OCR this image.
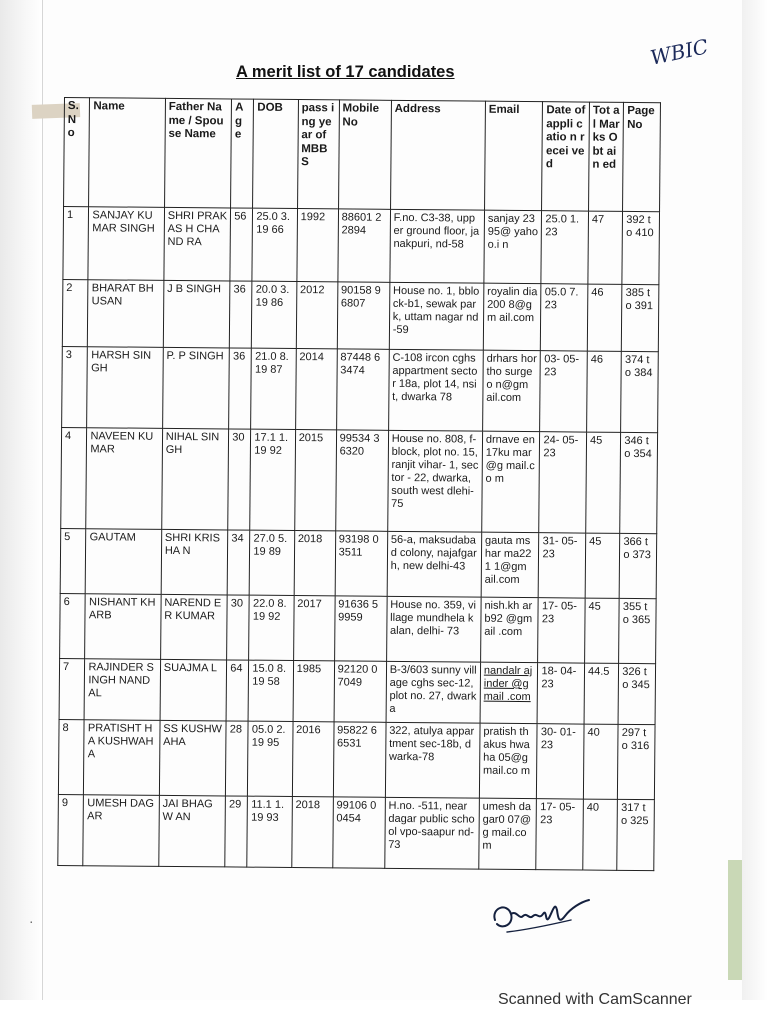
WBIC
A merit list of 17 candidates
S. N o	Name	Father Name / Spouse Name	Ag e	DOB	pass ing year of MBB S	Mobile No	Address	Email	Date of appli catio n recei ved	Tot al Mar ks Obt ain ed	Page No
1	SANJAY KUMAR SINGH	SHRI PRAKAS H CHAND RA	56	25.0 3.19 66	1992	88601 22894	F.no. C3-38, upper ground floor, janakpuri, nd-58	sanjay 2395@ yahoo.i n	25.0 1.23	47	392 to 410
2	BHARAT BHUSAN	J B SINGH	36	20.0 3.19 86	2012	90158 96807	House no. 1, bblock-b1, sewak park, uttam nagar nd-59	royalin dia200 8@gm ail.com	05.0 7.23	46	385 to 391
3	HARSH SINGH	P. P SINGH	36	21.0 8.19 87	2014	87448 63474	C-108 ircon cghs appartment sector 18a, plot 14, nsit, dwarka 78	drhars hortho surgeo n@gm ail.com	03- 05- 23	46	374 to 384
4	NAVEEN KUMAR	NIHAL SINGH	30	17.1 1.19 92	2015	99534 36320	House no. 808, f-block, plot no. 15, ranjit vihar- 1, sector - 22, dwarka, south west dlehi-75	drnave en17ku mar@g mail.co m	24- 05- 23	45	346 to 354
5	GAUTAM	SHRI KRISHA N	34	27.0 5.19 89	2018	93198 03511	56-a, maksudabad colony, najafgarh, new delhi-43	gauta mshar ma221 1@gm ail.com	31- 05- 23	45	366 to 373
6	NISHANT KHARB	NAREND ER KUMAR	30	22.0 8.19 92	2017	91636 59959	House no. 359, village mundhela kalan, delhi- 73	nish.kh arb92 @gmail .com	17- 05- 23	45	355 to 365
7	RAJINDER SINGH NANDAL	SUAJMA L	64	15.0 8.19 58	1985	92120 07049	B-3/603 sunny village cghs sec-12, plot no. 27, dwarka	nandalr ajinder @gmail .com	18- 04- 23	44.5	326 to 345
8	PRATISHT HA KUSHWAH A	SS KUSHW AHA	28	05.0 2.19 95	2016	95822 66531	322, atulya appartment sec-18b, dwarka-78	pratish thakus hwaha 05@g mail.co m	30- 01- 23	40	297 to 316
9	UMESH DAGAR	JAI BHAGW AN	29	11.1 1.19 93	2018	99106 00454	H.no. -511, near dagar public school vpo-saapur nd-73	umesh dagar0 07@g mail.co m	17- 05- 23	40	317 to 325
ꞏ
Scanned with CamScanner
